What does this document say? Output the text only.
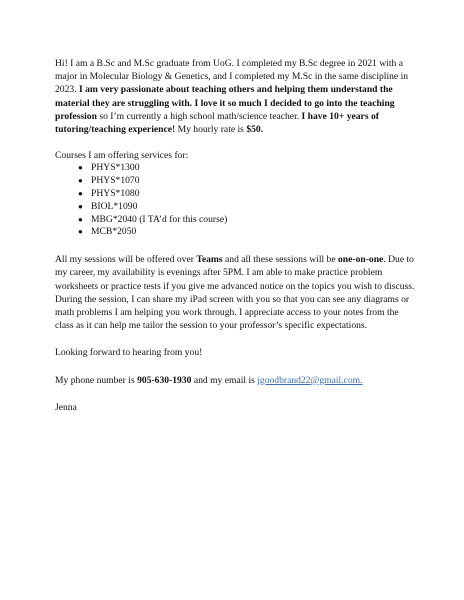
Hi! I am a B.Sc and M.Sc graduate from UoG. I completed my B.Sc degree in 2021 with a major in Molecular Biology & Genetics, and I completed my M.Sc in the same discipline in 2023. I am very passionate about teaching others and helping them understand the material they are struggling with. I love it so much I decided to go into the teaching profession so I’m currently a high school math/science teacher. I have 10+ years of tutoring/teaching experience! My hourly rate is $50.

Courses I am offering services for:

● PHYS*1300
● PHYS*1070
● PHYS*1080
● BIOL*1090
● MBG*2040 (I TA’d for this course)
● MCB*2050

All my sessions will be offered over Teams and all these sessions will be one-on-one. Due to my career, my availability is evenings after 5PM. I am able to make practice problem worksheets or practice tests if you give me advanced notice on the topics you wish to discuss. During the session, I can share my iPad screen with you so that you can see any diagrams or math problems I am helping you work through. I appreciate access to your notes from the class as it can help me tailor the session to your professor’s specific expectations.

Looking forward to hearing from you!

My phone number is 905-630-1930 and my email is jgoodbrand22@gmail.com.

Jenna
